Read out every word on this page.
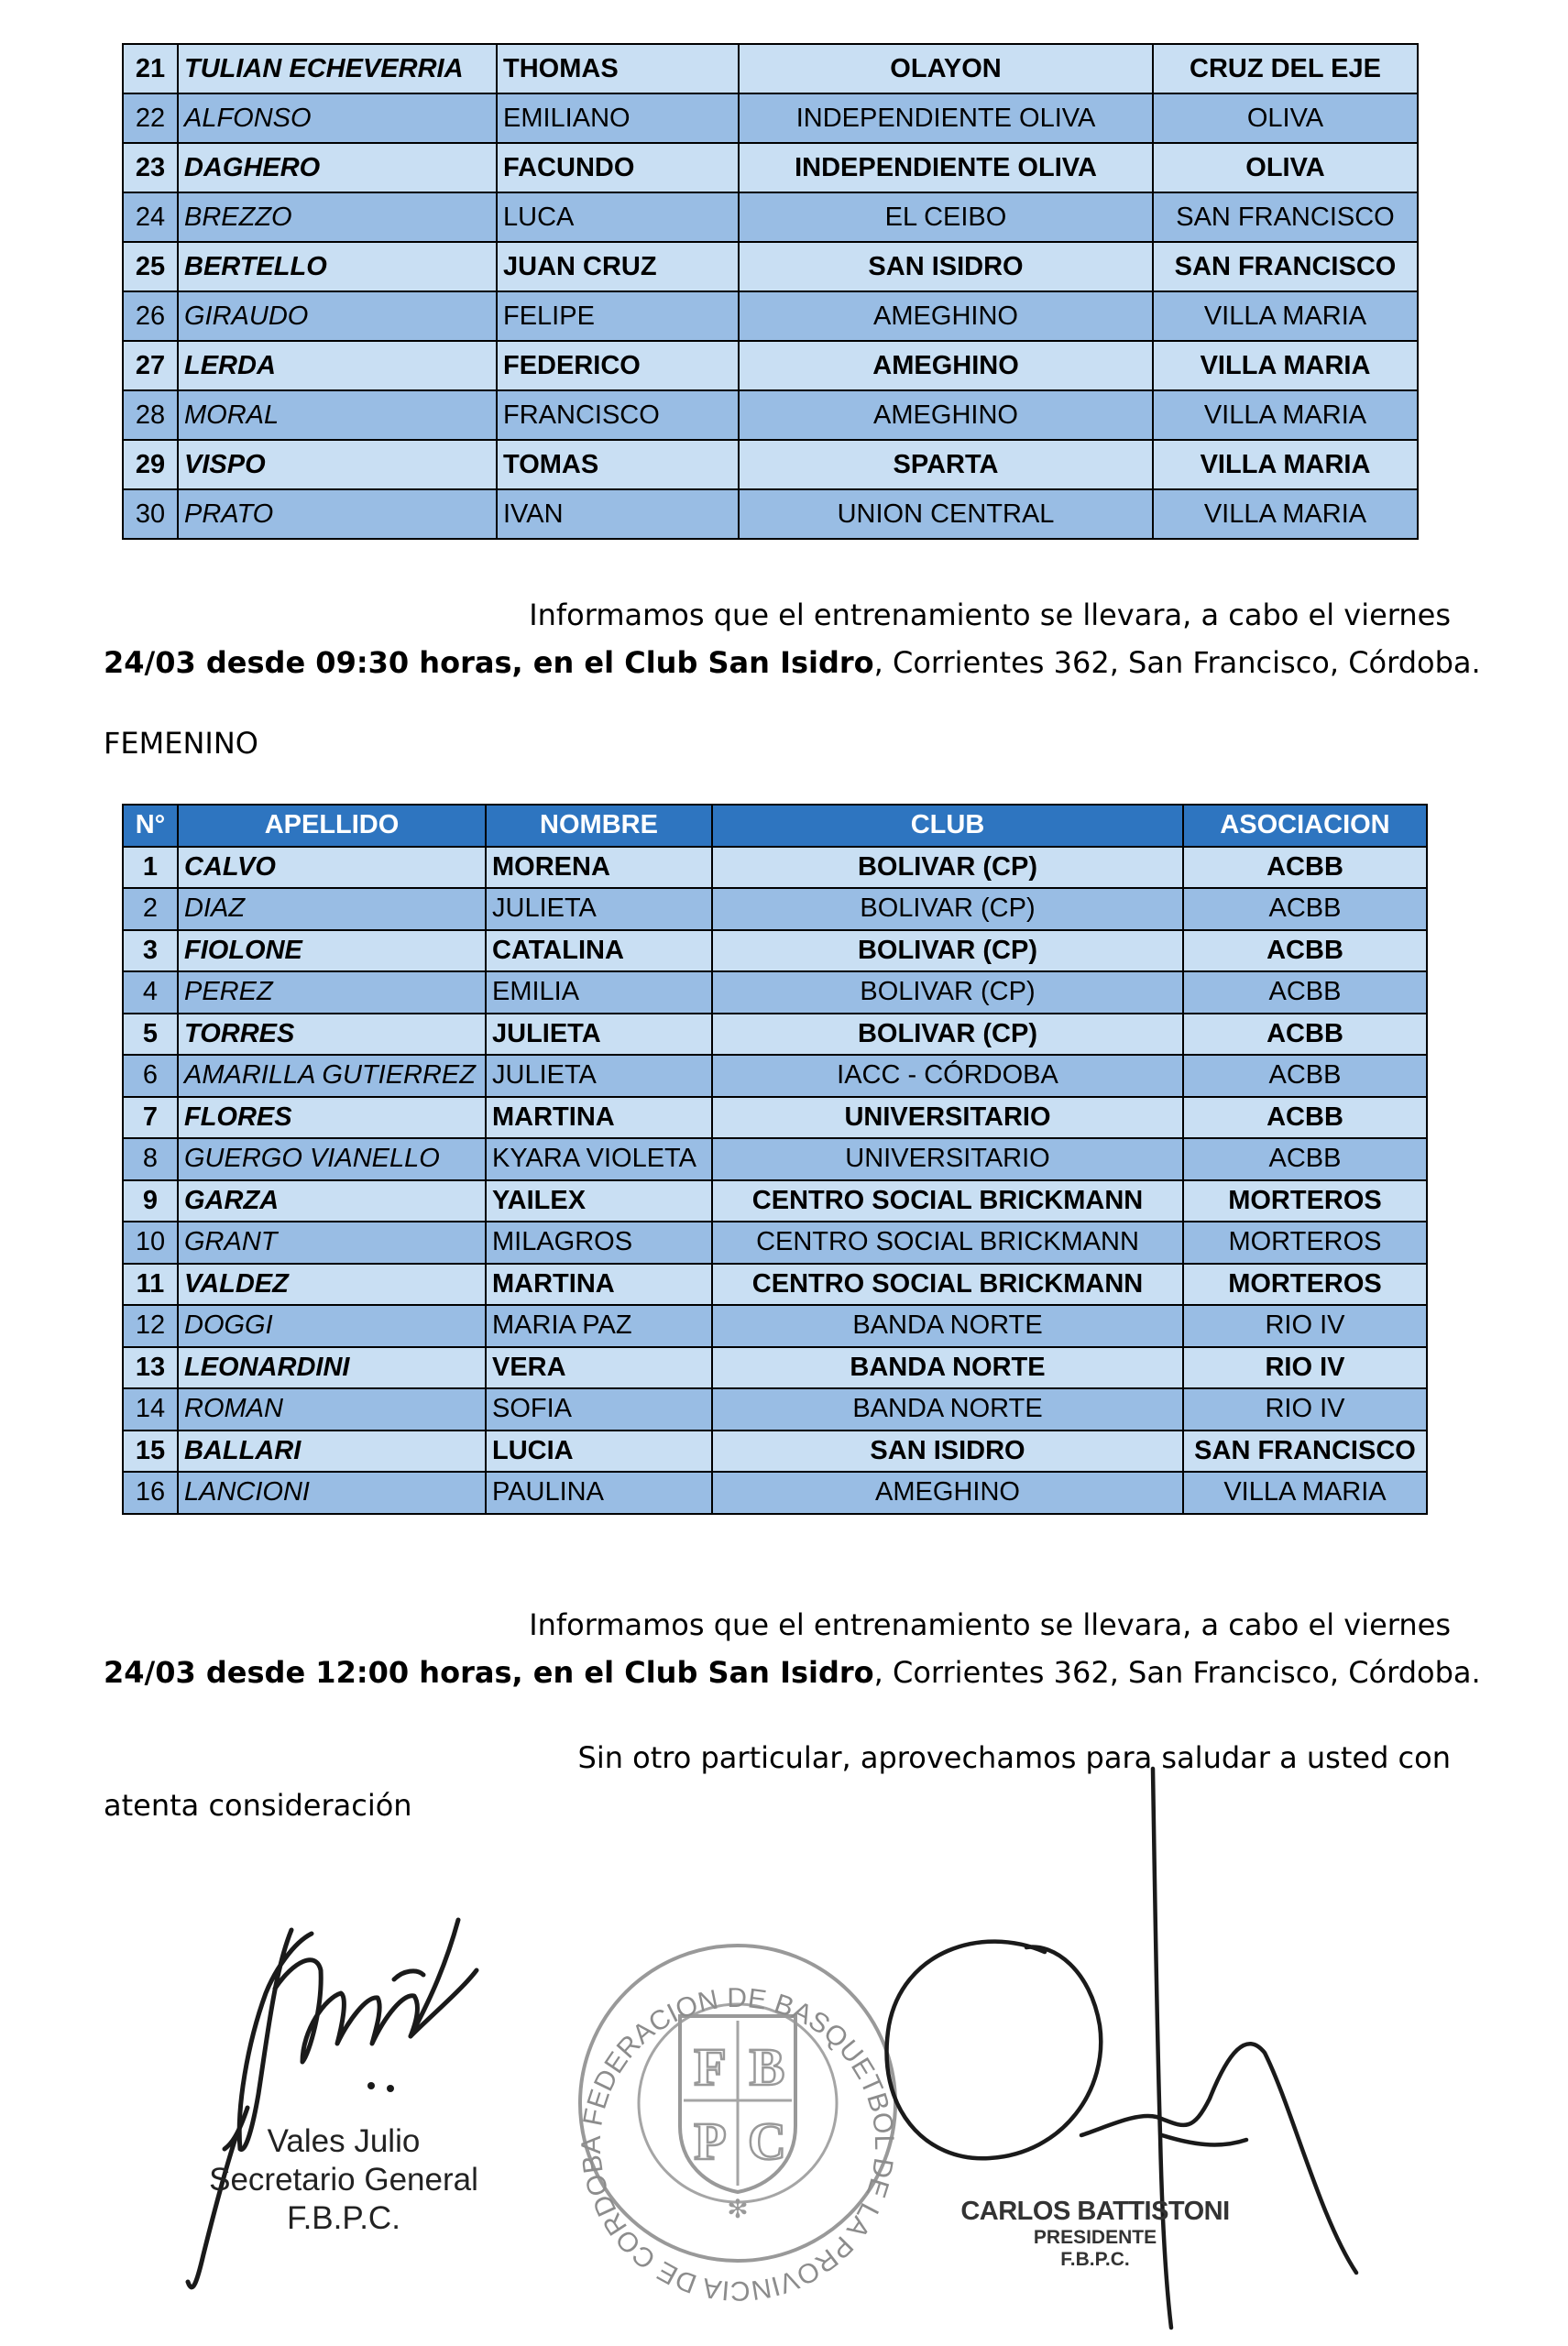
21	TULIAN ECHEVERRIA	THOMAS	OLAYON	CRUZ DEL EJE
22	ALFONSO	EMILIANO	INDEPENDIENTE OLIVA	OLIVA
23	DAGHERO	FACUNDO	INDEPENDIENTE OLIVA	OLIVA
24	BREZZO	LUCA	EL CEIBO	SAN FRANCISCO
25	BERTELLO	JUAN CRUZ	SAN ISIDRO	SAN FRANCISCO
26	GIRAUDO	FELIPE	AMEGHINO	VILLA MARIA
27	LERDA	FEDERICO	AMEGHINO	VILLA MARIA
28	MORAL	FRANCISCO	AMEGHINO	VILLA MARIA
29	VISPO	TOMAS	SPARTA	VILLA MARIA
30	PRATO	IVAN	UNION CENTRAL	VILLA MARIA
Informamos que el entrenamiento se llevara, a cabo el viernes
24/03 desde 09:30 horas, en el Club San Isidro, Corrientes 362, San Francisco, Córdoba.
FEMENINO
N°	APELLIDO	NOMBRE	CLUB	ASOCIACION
1	CALVO	MORENA	BOLIVAR (CP)	ACBB
2	DIAZ	JULIETA	BOLIVAR (CP)	ACBB
3	FIOLONE	CATALINA	BOLIVAR (CP)	ACBB
4	PEREZ	EMILIA	BOLIVAR (CP)	ACBB
5	TORRES	JULIETA	BOLIVAR (CP)	ACBB
6	AMARILLA GUTIERREZ	JULIETA	IACC - CÓRDOBA	ACBB
7	FLORES	MARTINA	UNIVERSITARIO	ACBB
8	GUERGO VIANELLO	KYARA VIOLETA	UNIVERSITARIO	ACBB
9	GARZA	YAILEX	CENTRO SOCIAL BRICKMANN	MORTEROS
10	GRANT	MILAGROS	CENTRO SOCIAL BRICKMANN	MORTEROS
11	VALDEZ	MARTINA	CENTRO SOCIAL BRICKMANN	MORTEROS
12	DOGGI	MARIA PAZ	BANDA NORTE	RIO IV
13	LEONARDINI	VERA	BANDA NORTE	RIO IV
14	ROMAN	SOFIA	BANDA NORTE	RIO IV
15	BALLARI	LUCIA	SAN ISIDRO	SAN FRANCISCO
16	LANCIONI	PAULINA	AMEGHINO	VILLA MARIA
Informamos que el entrenamiento se llevara, a cabo el viernes
24/03 desde 12:00 horas, en el Club San Isidro, Corrientes 362, San Francisco, Córdoba.
Sin otro particular, aprovechamos para saludar a usted con
atenta consideración
F B
P C
FEDERACION DE BASQUETBOL DE LA PROVINCIA DE CORDOBA
✻
Vales Julio
Secretario General
F.B.P.C.	CARLOS BATTISTONI
PRESIDENTE
F.B.P.C.
